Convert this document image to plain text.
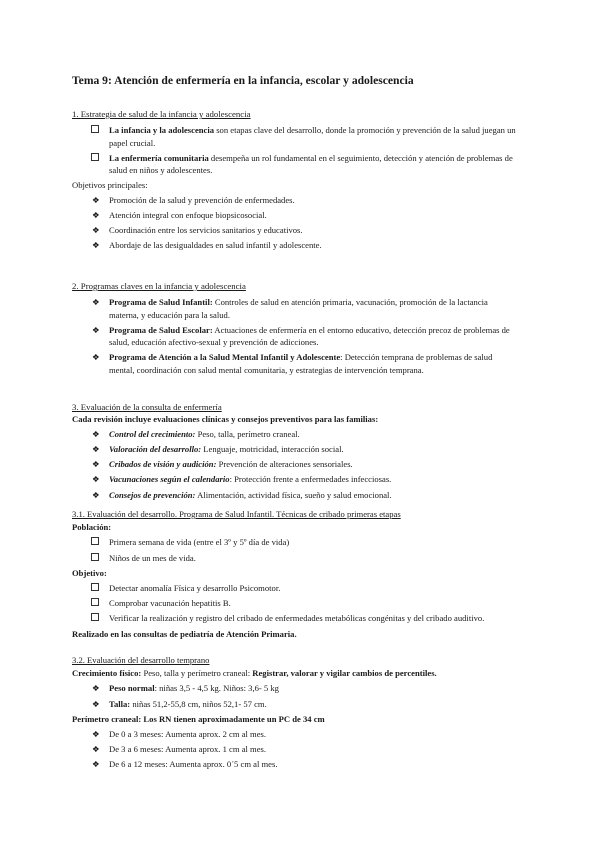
Tema 9: Atención de enfermería en la infancia, escolar y adolescencia

1. Estrategia de salud de la infancia y adolescencia

La infancia y la adolescencia son etapas clave del desarrollo, donde la promoción y prevención de la salud juegan un papel crucial.
La enfermería comunitaria desempeña un rol fundamental en el seguimiento, detección y atención de problemas de salud en niños y adolescentes.

Objetivos principales:

❖ Promoción de la salud y prevención de enfermedades.
❖ Atención integral con enfoque biopsicosocial.
❖ Coordinación entre los servicios sanitarios y educativos.
❖ Abordaje de las desigualdades en salud infantil y adolescente.

2. Programas claves en la infancia y adolescencia

❖ Programa de Salud Infantil: Controles de salud en atención primaria, vacunación, promoción de la lactancia materna, y educación para la salud.
❖ Programa de Salud Escolar: Actuaciones de enfermería en el entorno educativo, detección precoz de problemas de salud, educación afectivo-sexual y prevención de adicciones.
❖ Programa de Atención a la Salud Mental Infantil y Adolescente: Detección temprana de problemas de salud mental, coordinación con salud mental comunitaria, y estrategias de intervención temprana.

3. Evaluación de la consulta de enfermería

Cada revisión incluye evaluaciones clínicas y consejos preventivos para las familias:

❖ Control del crecimiento: Peso, talla, perímetro craneal.
❖ Valoración del desarrollo: Lenguaje, motricidad, interacción social.
❖ Cribados de visión y audición: Prevención de alteraciones sensoriales.
❖ Vacunaciones según el calendario: Protección frente a enfermedades infecciosas.
❖ Consejos de prevención: Alimentación, actividad física, sueño y salud emocional.

3.1. Evaluación del desarrollo. Programa de Salud Infantil. Técnicas de cribado primeras etapas

Población:

Primera semana de vida (entre el 3º y 5º día de vida)
Niños de un mes de vida.

Objetivo:

Detectar anomalía Física y desarrollo Psicomotor.
Comprobar vacunación hepatitis B.
Verificar la realización y registro del cribado de enfermedades metabólicas congénitas y del cribado auditivo.

Realizado en las consultas de pediatría de Atención Primaria.

3.2. Evaluación del desarrollo temprano

Crecimiento físico: Peso, talla y perímetro craneal: Registrar, valorar y vigilar cambios de percentiles.

❖ Peso normal: niñas 3,5 - 4,5 kg. Niños: 3,6- 5 kg
❖ Talla: niñas 51,2-55,8 cm, niños 52,1- 57 cm.

Perímetro craneal: Los RN tienen aproximadamente un PC de 34 cm

❖ De 0 a 3 meses: Aumenta aprox. 2 cm al mes.
❖ De 3 a 6 meses: Aumenta aprox. 1 cm al mes.
❖ De 6 a 12 meses: Aumenta aprox. 0´5 cm al mes.
